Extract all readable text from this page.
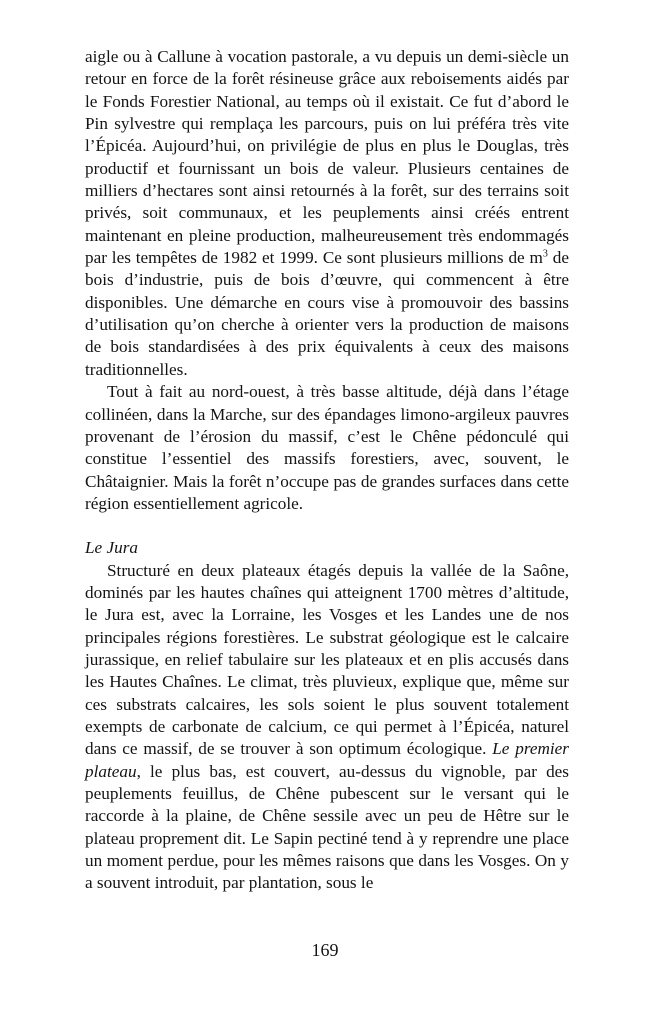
aigle ou à Callune à vocation pastorale, a vu depuis un demi-siècle un retour en force de la forêt résineuse grâce aux reboisements aidés par le Fonds Forestier National, au temps où il existait. Ce fut d’abord le Pin sylvestre qui remplaça les parcours, puis on lui préféra très vite l’Épicéa. Aujourd’hui, on privilégie de plus en plus le Douglas, très productif et fournissant un bois de valeur. Plusieurs centaines de milliers d’hectares sont ainsi retournés à la forêt, sur des terrains soit privés, soit communaux, et les peuplements ainsi créés entrent maintenant en pleine production, malheureusement très endommagés par les tempêtes de 1982 et 1999. Ce sont plusieurs millions de $m^3$ de bois d’industrie, puis de bois d’œuvre, qui commencent à être disponibles. Une démarche en cours vise à promouvoir des bassins d’utilisation qu’on cherche à orienter vers la production de maisons de bois standardisées à des prix équivalents à ceux des maisons traditionnelles.

Tout à fait au nord-ouest, à très basse altitude, déjà dans l’étage collinéen, dans la Marche, sur des épandages limono-argileux pauvres provenant de l’érosion du massif, c’est le Chêne pédonculé qui constitue l’essentiel des massifs forestiers, avec, souvent, le Châtaignier. Mais la forêt n’occupe pas de grandes surfaces dans cette région essentiellement agricole.

Le Jura

Structuré en deux plateaux étagés depuis la vallée de la Saône, dominés par les hautes chaînes qui atteignent 1700 mètres d’altitude, le Jura est, avec la Lorraine, les Vosges et les Landes une de nos principales régions forestières. Le substrat géologique est le calcaire jurassique, en relief tabulaire sur les plateaux et en plis accusés dans les Hautes Chaînes. Le climat, très pluvieux, explique que, même sur ces substrats calcaires, les sols soient le plus souvent totalement exempts de carbonate de calcium, ce qui permet à l’Épicéa, naturel dans ce massif, de se trouver à son optimum écologique. Le premier plateau, le plus bas, est couvert, au-dessus du vignoble, par des peuplements feuillus, de Chêne pubescent sur le versant qui le raccorde à la plaine, de Chêne sessile avec un peu de Hêtre sur le plateau proprement dit. Le Sapin pectiné tend à y reprendre une place un moment perdue, pour les mêmes raisons que dans les Vosges. On y a souvent introduit, par plantation, sous le

169
